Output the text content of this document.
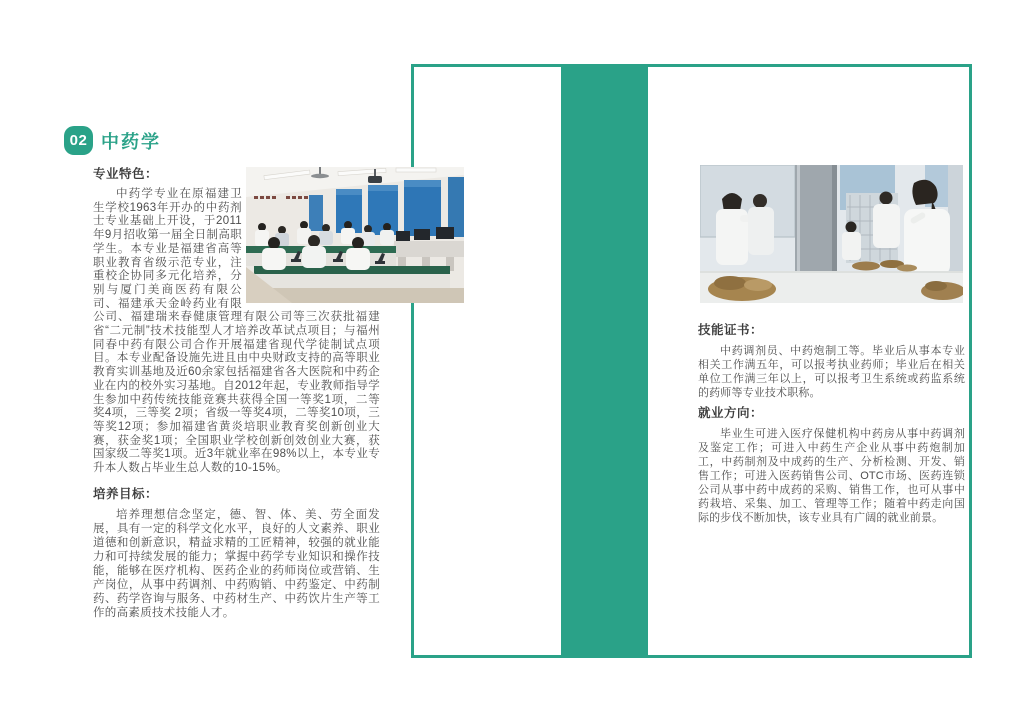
02 中药学
专业特色：

中药学专业在原福建卫生学校1963年开办的中药剂士专业基础上开设，于2011年9月招收第一届全日制高职学生。本专业是福建省高等职业教育省级示范专业，注重校企协同多元化培养，分别与厦门美商医药有限公司、福建承天金岭药业有限公司、福建瑞来春健康管理有限公司等三次获批福建省“二元制”技术技能型人才培养改革试点项目；与福州同春中药有限公司合作开展福建省现代学徒制试点项目。本专业配备设施先进且由中央财政支持的高等职业教育实训基地及近60余家包括福建省各大医院和中药企业在内的校外实习基地。自2012年起，专业教师指导学生参加中药传统技能竞赛共获得全国一等奖1项，二等奖4项，三等奖 2项；省级一等奖4项，二等奖10项，三等奖12项；参加福建省黄炎培职业教育奖创新创业大赛，获金奖1项；全国职业学校创新创效创业大赛，获国家级二等奖1项。近3年就业率在98%以上，本专业专升本人数占毕业生总人数的10-15%。

培养目标：

培养理想信念坚定，德、智、体、美、劳全面发展，具有一定的科学文化水平，良好的人文素养、职业道德和创新意识，精益求精的工匠精神，较强的就业能力和可持续发展的能力；掌握中药学专业知识和操作技能，能够在医疗机构、医药企业的药师岗位或营销、生产岗位，从事中药调剂、中药购销、中药鉴定、中药制药、药学咨询与服务、中药材生产、中药饮片生产等工作的高素质技术技能人才。

技能证书：

中药调剂员、中药炮制工等。毕业后从事本专业相关工作满五年，可以报考执业药师；毕业后在相关单位工作满三年以上，可以报考卫生系统或药监系统的药师等专业技术职称。

就业方向：

毕业生可进入医疗保健机构中药房从事中药调剂及鉴定工作；可进入中药生产企业从事中药炮制加工，中药制剂及中成药的生产、分析检测、开发、销售工作；可进入医药销售公司、OTC市场、医药连锁公司从事中药中成药的采购、销售工作，也可从事中药栽培、采集、加工、管理等工作；随着中药走向国际的步伐不断加快，该专业具有广阔的就业前景。
